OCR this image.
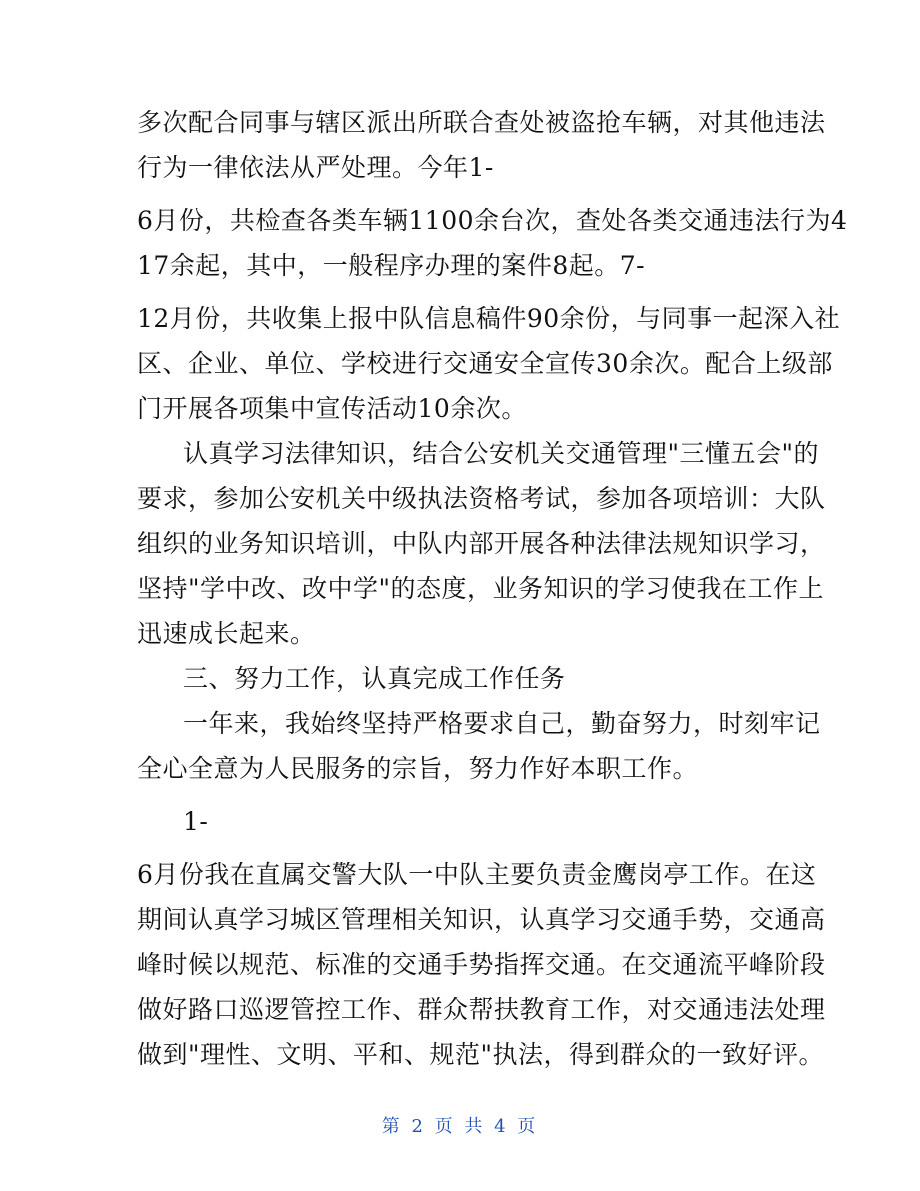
多次配合同事与辖区派出所联合查处被盗抢车辆，对其他违法
行为一律依法从严处理。今年1-
6月份，共检查各类车辆1100余台次，查处各类交通违法行为4
17余起，其中，一般程序办理的案件8起。7-
12月份，共收集上报中队信息稿件90余份，与同事一起深入社
区、企业、单位、学校进行交通安全宣传30余次。配合上级部
门开展各项集中宣传活动10余次。
认真学习法律知识，结合公安机关交通管理"三懂五会"的
要求，参加公安机关中级执法资格考试，参加各项培训：大队
组织的业务知识培训，中队内部开展各种法律法规知识学习，
坚持"学中改、改中学"的态度，业务知识的学习使我在工作上
迅速成长起来。
三、努力工作，认真完成工作任务
一年来，我始终坚持严格要求自己，勤奋努力，时刻牢记
全心全意为人民服务的宗旨，努力作好本职工作。
1-
6月份我在直属交警大队一中队主要负责金鹰岗亭工作。在这
期间认真学习城区管理相关知识，认真学习交通手势，交通高
峰时候以规范、标准的交通手势指挥交通。在交通流平峰阶段
做好路口巡逻管控工作、群众帮扶教育工作，对交通违法处理
做到"理性、文明、平和、规范"执法，得到群众的一致好评。
第 2 页 共 4 页
